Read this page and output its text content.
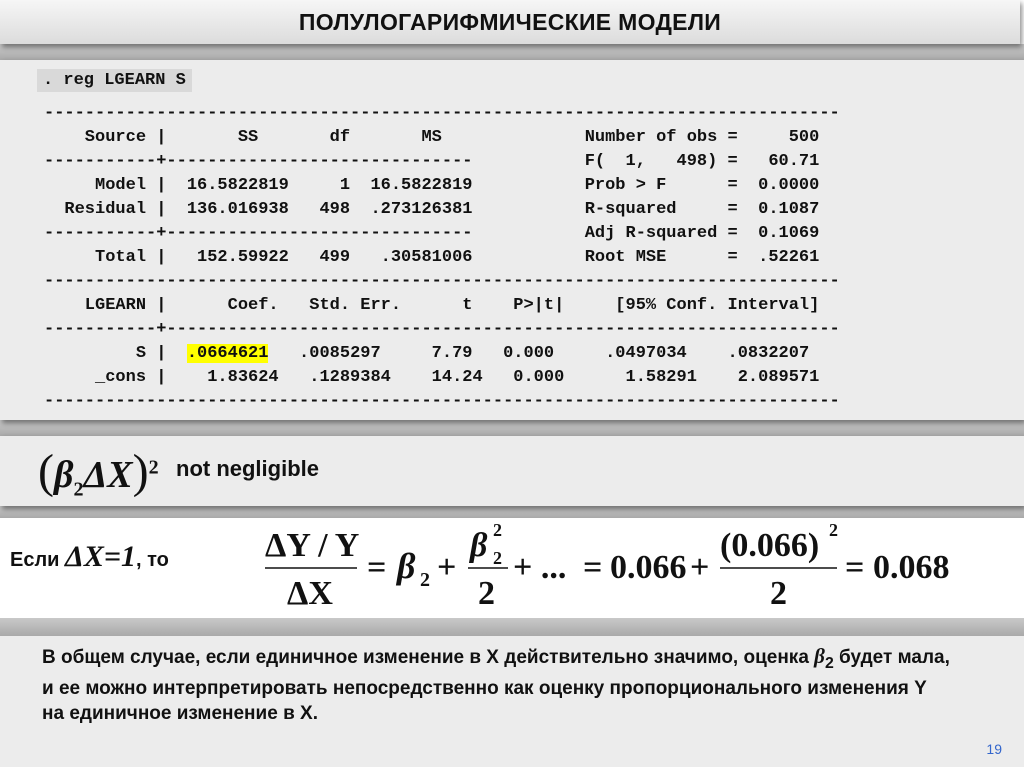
ПОЛУЛОГАРИФМИЧЕСКИЕ МОДЕЛИ
. reg LGEARN S
------------------------------------------------------------------------------
Source |       SS       df       MS              Number of obs =     500
-----------+------------------------------           F(  1,   498) =   60.71
Model |  16.5822819     1  16.5822819           Prob > F      =  0.0000
Residual |  136.016938   498  .273126381           R-squared     =  0.1087
-----------+------------------------------           Adj R-squared =  0.1069
Total |   152.59922   499   .30581006           Root MSE      =  .52261
------------------------------------------------------------------------------
LGEARN |      Coef.   Std. Err.      t    P>|t|     [95% Conf. Interval]
-----------+------------------------------------------------------------------
S |  .0664621   .0085297     7.79   0.000     .0497034    .0832207
_cons |    1.83624   .1289384    14.24   0.000      1.58291    2.089571
------------------------------------------------------------------------------
$(\beta_2\Delta X)^2$ not negligible
Если ΔX=1, то	ΔY / Y
ΔX
= β 2 +
β 2
2
2
+ ... = 0.066 +
(0.066) 2
2
= 0.068
В общем случае, если единичное изменение в X действительно значимо, оценка $\beta_2$ будет мала, и ее можно интерпретировать непосредственно как оценку пропорционального изменения Y на единичное изменение в X.
19
